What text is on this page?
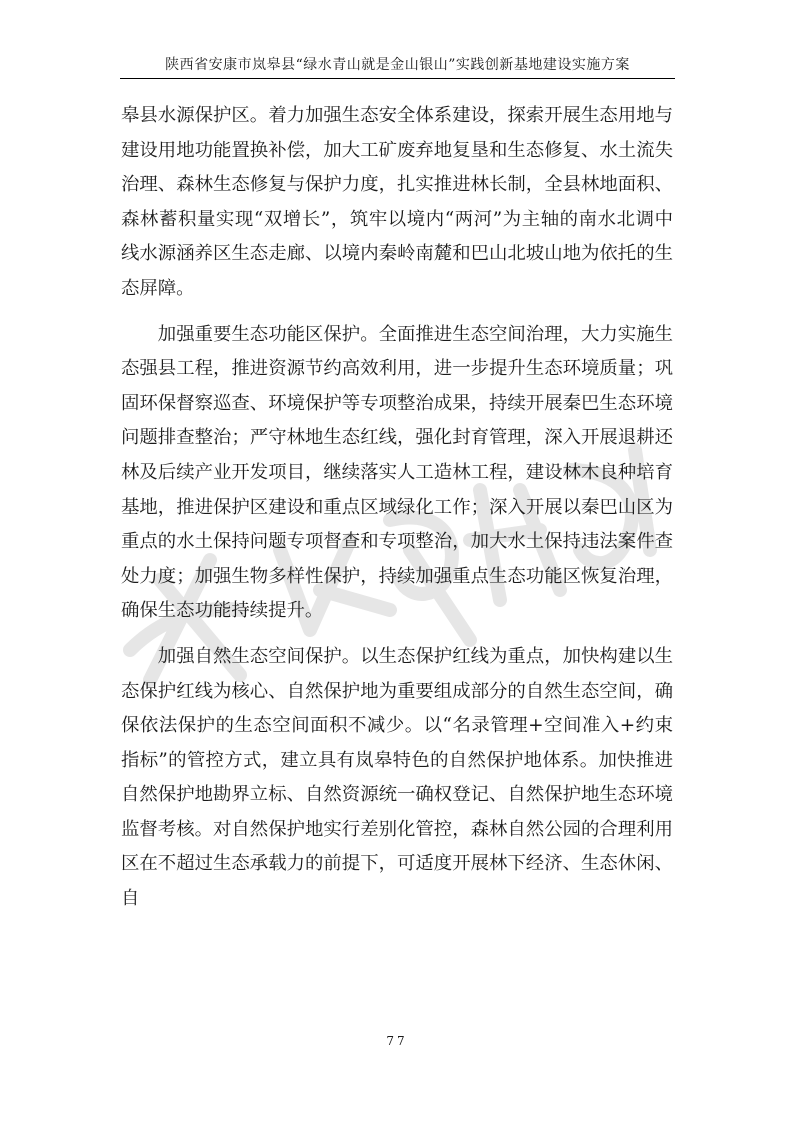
陕西省安康市岚皋县“绿水青山就是金山银山”实践创新基地建设实施方案

皋县水源保护区。着力加强生态安全体系建设，探索开展生态用地与建设用地功能置换补偿，加大工矿废弃地复垦和生态修复、水土流失治理、森林生态修复与保护力度，扎实推进林长制，全县林地面积、森林蓄积量实现“双增长”，筑牢以境内“两河”为主轴的南水北调中线水源涵养区生态走廊、以境内秦岭南麓和巴山北坡山地为依托的生态屏障。

加强重要生态功能区保护。全面推进生态空间治理，大力实施生态强县工程，推进资源节约高效利用，进一步提升生态环境质量；巩固环保督察巡查、环境保护等专项整治成果，持续开展秦巴生态环境问题排查整治；严守林地生态红线，强化封育管理，深入开展退耕还林及后续产业开发项目，继续落实人工造林工程，建设林木良种培育基地，推进保护区建设和重点区域绿化工作；深入开展以秦巴山区为重点的水土保持问题专项督查和专项整治，加大水土保持违法案件查处力度；加强生物多样性保护，持续加强重点生态功能区恢复治理，确保生态功能持续提升。

加强自然生态空间保护。以生态保护红线为重点，加快构建以生态保护红线为核心、自然保护地为重要组成部分的自然生态空间，确保依法保护的生态空间面积不减少。以“名录管理+空间准入+约束指标”的管控方式，建立具有岚皋特色的自然保护地体系。加快推进自然保护地勘界立标、自然资源统一确权登记、自然保护地生态环境监督考核。对自然保护地实行差别化管控，森林自然公园的合理利用区在不超过生态承载力的前提下，可适度开展林下经济、生态休闲、自

77
